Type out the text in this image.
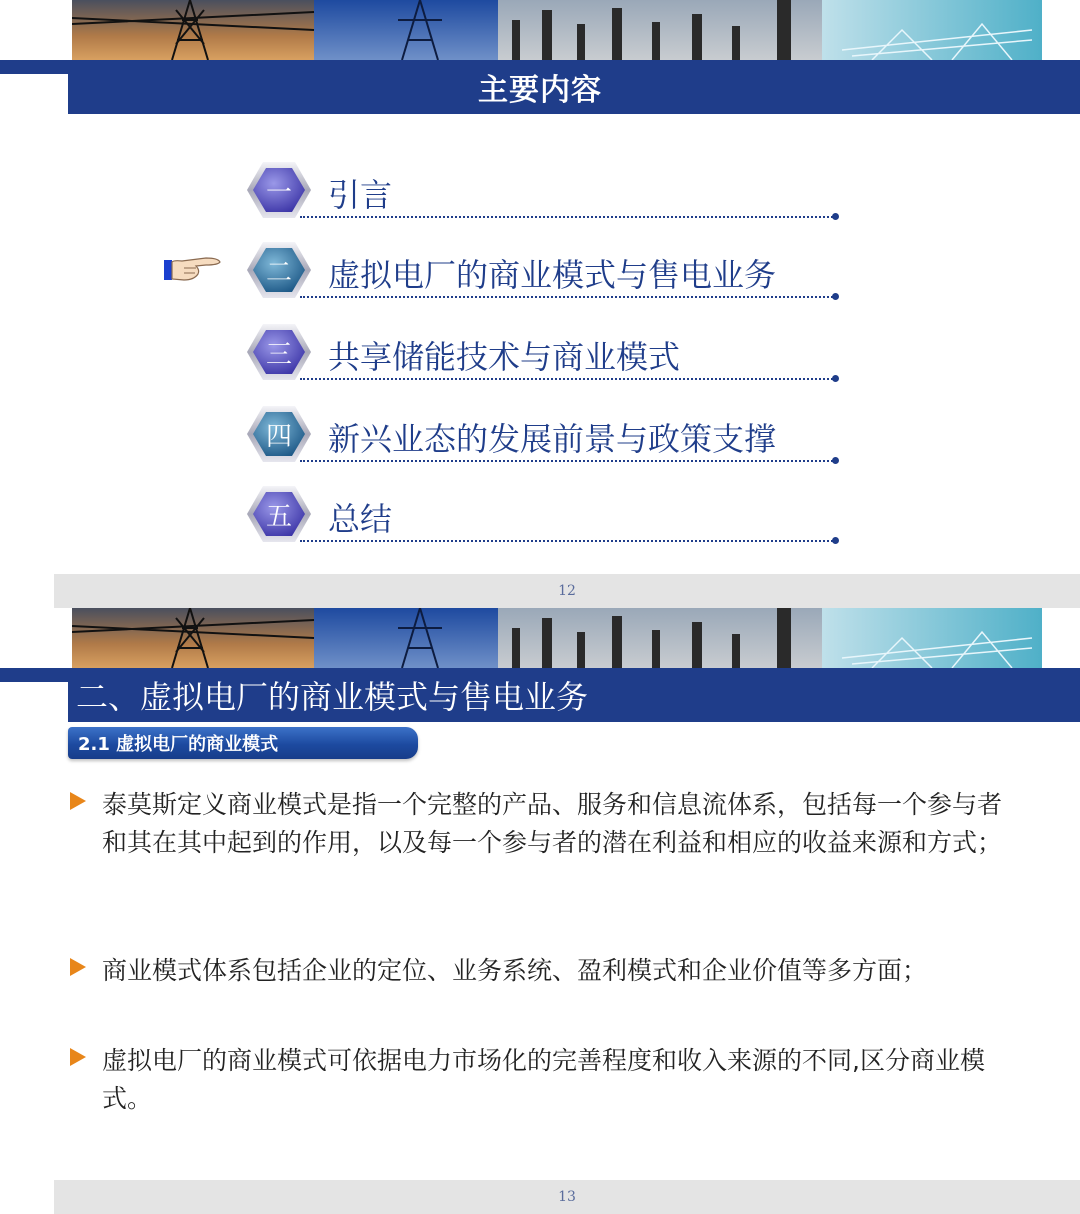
主要内容
一	引言
二	虚拟电厂的商业模式与售电业务
三	共享储能技术与商业模式
四	新兴业态的发展前景与政策支撑
五	总结
12
二、虚拟电厂的商业模式与售电业务
2.1 虚拟电厂的商业模式
泰莫斯定义商业模式是指一个完整的产品、服务和信息流体系，包括每一个参与者和其在其中起到的作用，以及每一个参与者的潜在利益和相应的收益来源和方式；
商业模式体系包括企业的定位、业务系统、盈利模式和企业价值等多方面；
虚拟电厂的商业模式可依据电力市场化的完善程度和收入来源的不同,区分商业模式。
13
